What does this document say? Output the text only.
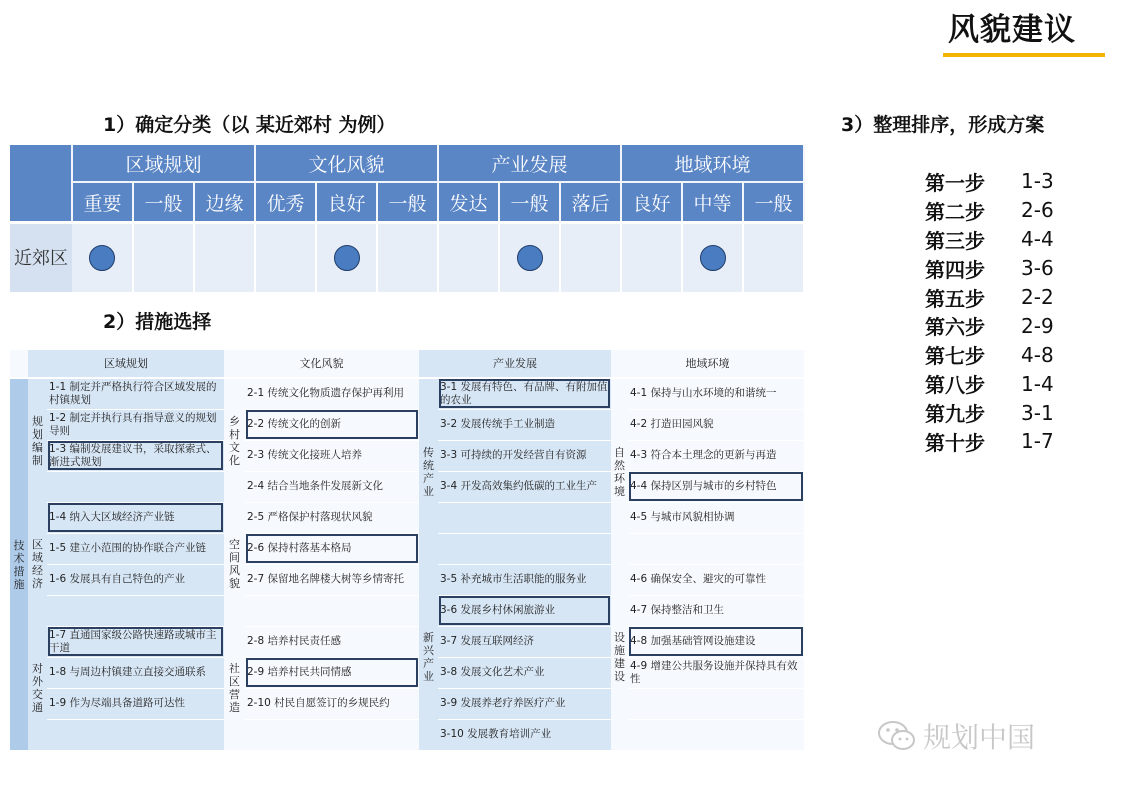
风貌建议
1）确定分类（以 某近郊村 为例）
	区域规划			文化风貌			产业发展			地域环境		
	重要	一般	边缘	优秀	良好	一般	发达	一般	落后	良好	中等	一般
近郊区												
2）措施选择
	区域规划		文化风貌		产业发展		地域环境	
技术措施	规划编制	1-1 制定并严格执行符合区域发展的村镇规划	乡村文化	2-1 传统文化物质遗存保护再利用	传统产业	3-1 发展有特色、有品牌、有附加值的农业	自然环境	4-1 保持与山水环境的和谐统一
		1-2 制定并执行具有指导意义的规划导则		2-2 传统文化的创新		3-2 发展传统手工业制造		4-2 打造田园风貌
		1-3 编制发展建议书，采取探索式、渐进式规划		2-3 传统文化接班人培养		3-3 可持续的开发经营自有资源		4-3 符合本土理念的更新与再造
				2-4 结合当地条件发展新文化		3-4 开发高效集约低碳的工业生产		4-4 保持区别与城市的乡村特色
	区域经济	1-4 纳入大区域经济产业链	空间风貌	2-5 严格保护村落现状风貌				4-5 与城市风貌相协调
		1-5 建立小范围的协作联合产业链		2-6 保持村落基本格局				
		1-6 发展具有自己特色的产业		2-7 保留地名牌楼大树等乡情寄托	新兴产业	3-5 补充城市生活职能的服务业	设施建设	4-6 确保安全、避灾的可靠性
						3-6 发展乡村休闲旅游业		4-7 保持整洁和卫生
	对外交通	1-7 直通国家级公路快速路或城市主干道	社区营造	2-8 培养村民责任感		3-7 发展互联网经济		4-8 加强基础管网设施建设
		1-8 与周边村镇建立直接交通联系		2-9 培养村民共同情感		3-8 发展文化艺术产业		4-9 增建公共服务设施并保持具有效性
		1-9 作为尽端具备道路可达性		2-10 村民自愿签订的乡规民约		3-9 发展养老疗养医疗产业		
						3-10 发展教育培训产业		
3）整理排序，形成方案
第一步	1-3
第二步	2-6
第三步	4-4
第四步	3-6
第五步	2-2
第六步	2-9
第七步	4-8
第八步	1-4
第九步	3-1
第十步	1-7
规划中国
